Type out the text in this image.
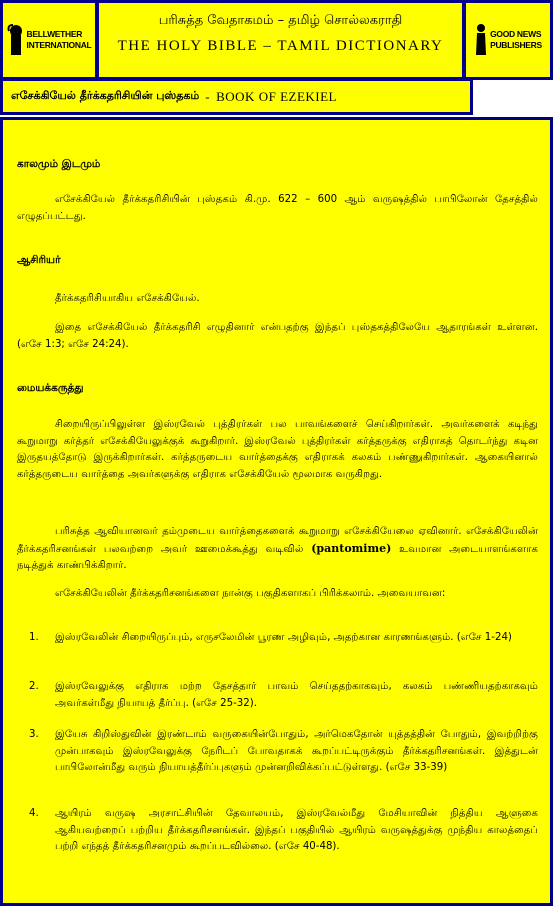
BELLWETHER
INTERNATIONAL
பரிசுத்த வேதாகமம் – தமிழ் சொல்லகராதி
THE HOLY BIBLE – TAMIL DICTIONARY
GOOD NEWS
PUBLISHERS
எசேக்கியேல் தீர்க்கதரிசியின் புஸ்தகம் - BOOK OF EZEKIEL
காலமும் இடமும்
எசேக்கியேல் தீர்க்கதரிசியின் புஸ்தகம் கி.மு. 622 – 600 ஆம் வருஷத்தில் பாபிலோன் தேசத்தில் எழுதப்பட்டது.
ஆசிரியர்
தீர்க்கதரிசியாகிய எசேக்கியேல்.
இதை எசேக்கியேல் தீர்க்கதரிசி எழுதினார் என்பதற்கு இந்தப் புஸ்தகத்திலேயே ஆதாரங்கள் உள்ளன. (எசே 1:3; எசே 24:24).
மையக்கருத்து
சிறையிருப்பிலுள்ள இஸ்ரவேல் புத்திரர்கள் பல பாவங்களைச் செய்கிறார்கள். அவர்களைக் கடிந்து கூறுமாறு கர்த்தர் எசேக்கியேலுக்குக் கூறுகிறார். இஸ்ரவேல் புத்திரர்கள் கர்த்தருக்கு எதிராகத் தொடர்ந்து கடின இருதயத்தோடு இருக்கிறார்கள். கர்த்தருடைய வார்த்தைக்கு எதிராகக் கலகம் பண்ணுகிறார்கள். ஆகையினால் கர்த்தருடைய வார்த்தை அவர்களுக்கு எதிராக எசேக்கியேல் மூலமாக வருகிறது.
பரிசுத்த ஆவியானவர் தம்முடைய வார்த்தைகளைக் கூறுமாறு எசேக்கியேலை ஏவினார். எசேக்கியேலின் தீர்க்கதரிசனங்கள் பலவற்றை அவர் ஊமைக்கூத்து வடிவில் (pantomime) உவமான அடையாளங்களாக நடித்துக் காண்பிக்கிறார்.
எசேக்கியேலின் தீர்க்கதரிசனங்களை நான்கு பகுதிகளாகப் பிரிக்கலாம். அவையாவன:
1. இஸ்ரவேலின் சிறையிருப்பும், எருசலேமின் பூரண அழிவும், அதற்கான காரணங்களும். (எசே 1-24)
2. இஸ்ரவேலுக்கு எதிராக மற்ற தேசத்தார் பாவம் செய்ததற்காகவும், கலகம் பண்ணியதற்காகவும் அவர்கள்மீது நியாயத் தீர்ப்பு. (எசே 25-32).
3. இயேசு கிறிஸ்துவின் இரண்டாம் வருகையின்போதும், அர்மெகதோன் யுத்தத்தின் போதும், இவற்றிற்கு முன்பாகவும் இஸ்ரவேலுக்கு நேரிடப் போவதாகக் கூறப்பட்டிருக்கும் தீர்க்கதரிசனங்கள். இத்துடன் பாபிலோன்மீது வரும் நியாயத்தீர்ப்புகளும் முன்னறிவிக்கப்பட்டுள்ளது. (எசே 33-39)
4. ஆயிரம் வருஷ அரசாட்சியின் தேவாலயம், இஸ்ரவேல்மீது மேசியாவின் நித்திய ஆளுகை ஆகியவற்றைப் பற்றிய தீர்க்கதரிசனங்கள். இந்தப் பகுதியில் ஆயிரம் வருஷத்துக்கு முந்திய காலத்தைப் பற்றி எந்தத் தீர்க்கதரிசனமும் கூறப்படவில்லை. (எசே 40-48).
